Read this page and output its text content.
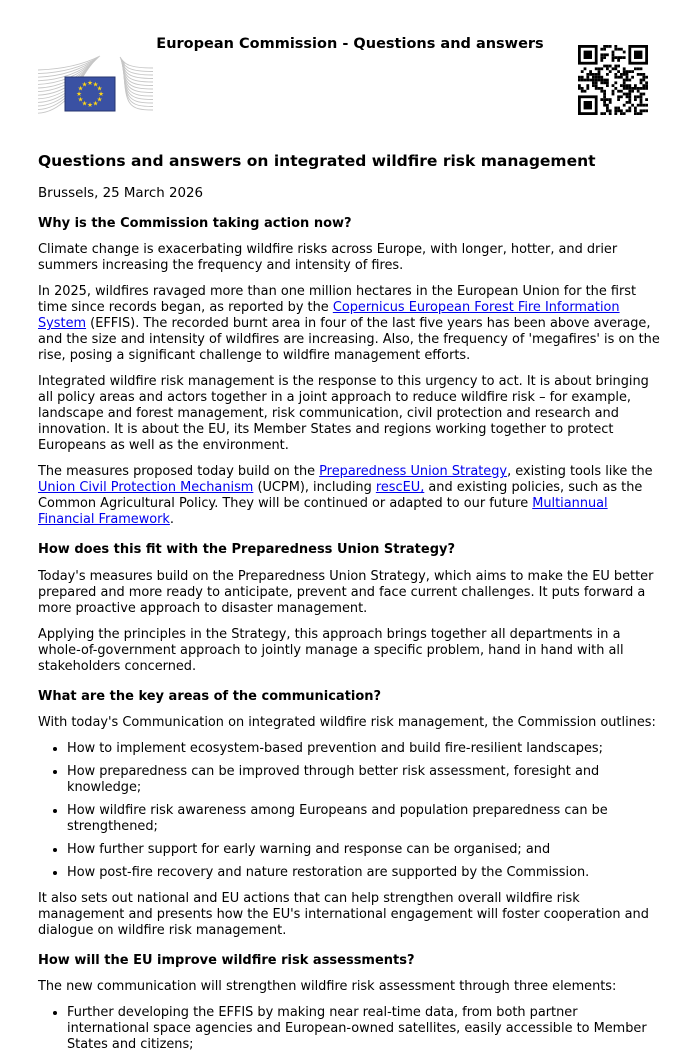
European Commission - Questions and answers
★ ★
★
★
★
★
★
★
★
★
★
★
Questions and answers on integrated wildfire risk management
Brussels, 25 March 2026
Why is the Commission taking action now?

Climate change is exacerbating wildfire risks across Europe, with longer, hotter, and drier summers increasing the frequency and intensity of fires.

In 2025, wildfires ravaged more than one million hectares in the European Union for the first time since records began, as reported by the Copernicus European Forest Fire Information System (EFFIS). The recorded burnt area in four of the last five years has been above average, and the size and intensity of wildfires are increasing. Also, the frequency of 'megafires' is on the rise, posing a significant challenge to wildfire management efforts.

Integrated wildfire risk management is the response to this urgency to act. It is about bringing all policy areas and actors together in a joint approach to reduce wildfire risk – for example, landscape and forest management, risk communication, civil protection and research and innovation. It is about the EU, its Member States and regions working together to protect Europeans as well as the environment.

The measures proposed today build on the Preparedness Union Strategy, existing tools like the Union Civil Protection Mechanism (UCPM), including rescEU, and existing policies, such as the Common Agricultural Policy. They will be continued or adapted to our future Multiannual Financial Framework.

How does this fit with the Preparedness Union Strategy?

Today's measures build on the Preparedness Union Strategy, which aims to make the EU better prepared and more ready to anticipate, prevent and face current challenges. It puts forward a more proactive approach to disaster management.

Applying the principles in the Strategy, this approach brings together all departments in a whole-of-government approach to jointly manage a specific problem, hand in hand with all stakeholders concerned.

What are the key areas of the communication?

With today's Communication on integrated wildfire risk management, the Commission outlines:

• How to implement ecosystem-based prevention and build fire-resilient landscapes;
• How preparedness can be improved through better risk assessment, foresight and knowledge;
• How wildfire risk awareness among Europeans and population preparedness can be strengthened;
• How further support for early warning and response can be organised; and
• How post-fire recovery and nature restoration are supported by the Commission.

It also sets out national and EU actions that can help strengthen overall wildfire risk management and presents how the EU's international engagement will foster cooperation and dialogue on wildfire risk management.

How will the EU improve wildfire risk assessments?

The new communication will strengthen wildfire risk assessment through three elements:

• Further developing the EFFIS by making near real-time data, from both partner international space agencies and European-owned satellites, easily accessible to Member States and citizens;
